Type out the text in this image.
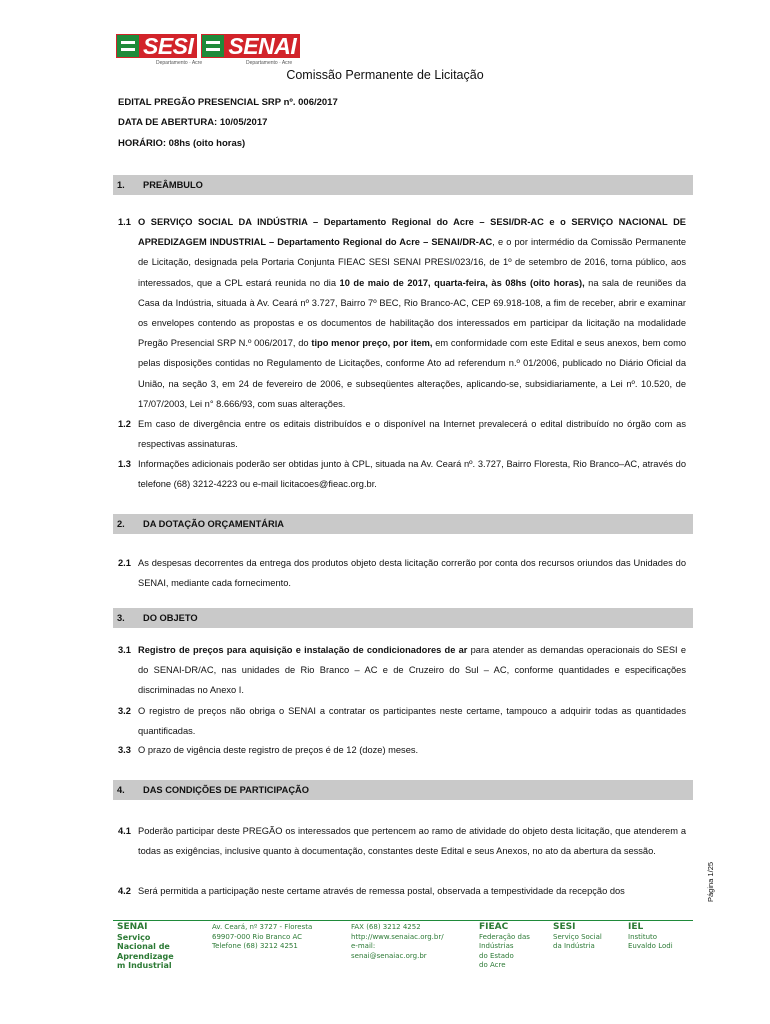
SESI SENAI
Departamento · Acre	Departamento · Acre
Comissão Permanente de Licitação
EDITAL PREGÃO PRESENCIAL SRP nº. 006/2017
DATA DE ABERTURA: 10/05/2017
HORÁRIO: 08hs (oito horas)
1.	PREÂMBULO
1.1 O SERVIÇO SOCIAL DA INDÚSTRIA – Departamento Regional do Acre – SESI/DR-AC e o SERVIÇO NACIONAL DE APREDIZAGEM INDUSTRIAL – Departamento Regional do Acre – SENAI/DR-AC, e o por intermédio da Comissão Permanente de Licitação, designada pela Portaria Conjunta FIEAC SESI SENAI PRESI/023/16, de 1º de setembro de 2016, torna público, aos interessados, que a CPL estará reunida no dia 10 de maio de 2017, quarta-feira, às 08hs (oito horas), na sala de reuniões da Casa da Indústria, situada à Av. Ceará nº 3.727, Bairro 7º BEC, Rio Branco-AC, CEP 69.918-108, a fim de receber, abrir e examinar os envelopes contendo as propostas e os documentos de habilitação dos interessados em participar da licitação na modalidade Pregão Presencial SRP N.º 006/2017, do tipo menor preço, por item, em conformidade com este Edital e seus anexos, bem como pelas disposições contidas no Regulamento de Licitações, conforme Ato ad referendum n.º 01/2006, publicado no Diário Oficial da União, na seção 3, em 24 de fevereiro de 2006, e subseqüentes alterações, aplicando-se, subsidiariamente, a Lei nº. 10.520, de 17/07/2003, Lei n° 8.666/93, com suas alterações.
1.2 Em caso de divergência entre os editais distribuídos e o disponível na Internet prevalecerá o edital distribuído no órgão com as respectivas assinaturas.
1.3 Informações adicionais poderão ser obtidas junto à CPL, situada na Av. Ceará nº. 3.727, Bairro Floresta, Rio Branco–AC, através do telefone (68) 3212-4223 ou e-mail licitacoes@fieac.org.br.
2.	DA DOTAÇÃO ORÇAMENTÁRIA
2.1 As despesas decorrentes da entrega dos produtos objeto desta licitação correrão por conta dos recursos oriundos das Unidades do SENAI, mediante cada fornecimento.
3.	DO OBJETO
3.1 Registro de preços para aquisição e instalação de condicionadores de ar para atender as demandas operacionais do SESI e do SENAI-DR/AC, nas unidades de Rio Branco – AC e de Cruzeiro do Sul – AC, conforme quantidades e especificações discriminadas no Anexo I.
3.2 O registro de preços não obriga o SENAI a contratar os participantes neste certame, tampouco a adquirir todas as quantidades quantificadas.
3.3 O prazo de vigência deste registro de preços é de 12 (doze) meses.
4.	DAS CONDIÇÕES DE PARTICIPAÇÃO
4.1 Poderão participar deste PREGÃO os interessados que pertencem ao ramo de atividade do objeto desta licitação, que atenderem a todas as exigências, inclusive quanto à documentação, constantes deste Edital e seus Anexos, no ato da abertura da sessão.
4.2 Será permitida a participação neste certame através de remessa postal, observada a tempestividade da recepção dos	Página 1/25
SENAI
Serviço
Nacional de
Aprendizage
m Industrial
Av. Ceará, nº 3727 - Floresta
69907-000 Rio Branco AC
Telefone (68) 3212 4251
FAX (68) 3212 4252
http://www.senaiac.org.br/
e-mail:
senai@senaiac.org.br
FIEAC
Federação das
Indústrias
do Estado
do Acre
SESI
Serviço Social
da Indústria
IEL
Instituto
Euvaldo Lodi
